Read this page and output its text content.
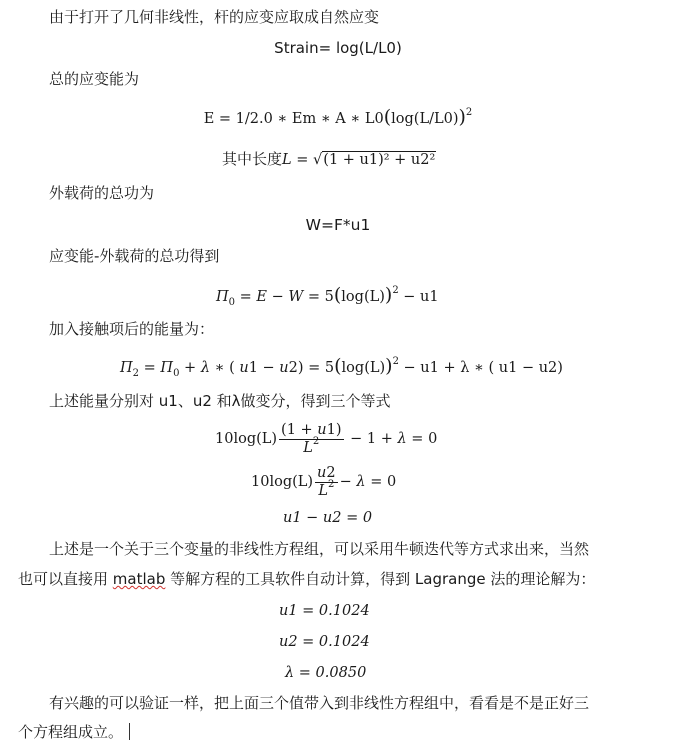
由于打开了几何非线性，杆的应变应取成自然应变
Strain= log(L/L0)
总的应变能为
E = 1/2.0 ∗ Em ∗ A ∗ $L0(\log(L/L0))^2$
其中长度L = √(1 + u1)² + u2²
外载荷的总功为
W=F*u1
应变能-外载荷的总功得到
$\Pi_0 = E - W = 5(\log(L))^2 - u1$
加入接触项后的能量为：
$\Pi_2 = \Pi_0 + \lambda$ ∗ ( $u1 - u2) = 5(\log(L))^2 - u1 + \lambda$ ∗ ( u1 − u2)
上述能量分别对 u1、u2 和λ做变分，得到三个等式
$10\log(L) \frac{(1 + u1)}{L^2} - 1 + \lambda = 0$
$10\log(L) \frac{u2}{L^2} - \lambda = 0$
u1 − u2 = 0
上述是一个关于三个变量的非线性方程组，可以采用牛顿迭代等方式求出来，当然
也可以直接用 matlab 等解方程的工具软件自动计算，得到 Lagrange 法的理论解为：
u1 = 0.1024
u2 = 0.1024
λ = 0.0850
有兴趣的可以验证一样，把上面三个值带入到非线性方程组中，看看是不是正好三
个方程组成立。
